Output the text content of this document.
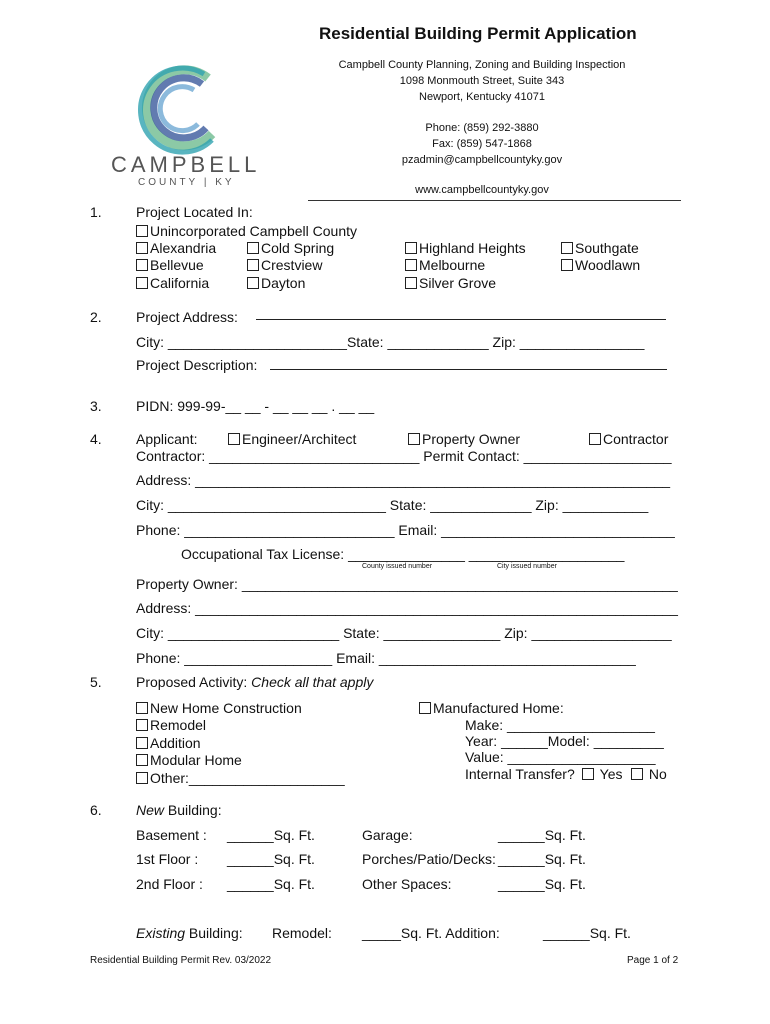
Residential Building Permit Application
CAMPBELL
COUNTY | KY
Campbell County Planning, Zoning and Building Inspection
1098 Monmouth Street, Suite 343
Newport, Kentucky 41071
Phone: (859) 292-3880
Fax: (859) 547-1868
pzadmin@campbellcountyky.gov
www.campbellcountyky.gov
1. Project Located In:
Unincorporated Campbell County
Alexandria
Bellevue
California
Cold Spring
Crestview
Dayton
Highland Heights
Melbourne
Silver Grove
Southgate
Woodlawn
2. Project Address:
City: _______________________State: _____________ Zip: ________________
Project Description:
3. PIDN: 999-99-__ __ - __ __ __ . __ __
4. Applicant:	Engineer/Architect	Property Owner	Contractor
Contractor: ___________________________ Permit Contact: ___________________
Address: _____________________________________________________________
City: ____________________________ State: _____________ Zip: ___________
Phone: ___________________________ Email: ______________________________
Occupational Tax License: _______________ ____________________
County issued number	City issued number
Property Owner: ________________________________________________________
Address: ______________________________________________________________
City: ______________________ State: _______________ Zip: __________________
Phone: ___________________ Email: _________________________________
5. Proposed Activity: Check all that apply
New Home Construction
Remodel
Addition
Modular Home
Other:____________________
Manufactured Home:
Make: ___________________
Year: ______Model: _________
Value: ___________________
Internal Transfer?	Yes	No
6. New Building:
Basement : ______Sq. Ft.	Garage:	______Sq. Ft.
1st Floor : ______Sq. Ft.	Porches/Patio/Decks: ______Sq. Ft.
2nd Floor : ______Sq. Ft.	Other Spaces:	______Sq. Ft.
Existing Building: Remodel: _____Sq. Ft. Addition:	______Sq. Ft.
Residential Building Permit Rev. 03/2022	Page 1 of 2
